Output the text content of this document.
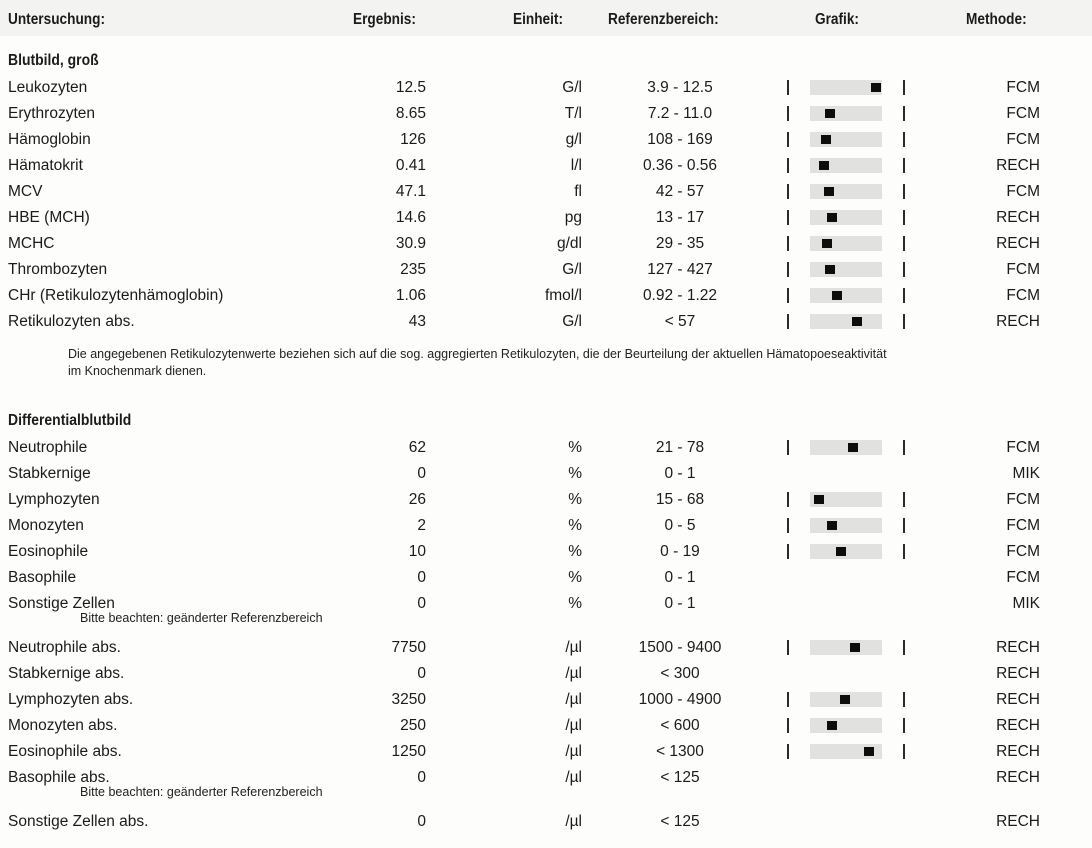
Untersuchung:	Ergebnis:	Einheit:	Referenzbereich:	Grafik:	Methode:
Blutbild, groß
Leukozyten	12.5	G/l	3.9 - 12.5	FCM
Erythrozyten	8.65	T/l	7.2 - 11.0	FCM
Hämoglobin	126	g/l	108 - 169	FCM
Hämatokrit	0.41	l/l	0.36 - 0.56	RECH
MCV	47.1	fl	42 - 57	FCM
HBE (MCH)	14.6	pg	13 - 17	RECH
MCHC	30.9	g/dl	29 - 35	RECH
Thrombozyten	235	G/l	127 - 427	FCM
CHr (Retikulozytenhämoglobin)	1.06	fmol/l	0.92 - 1.22	FCM
Retikulozyten abs.	43	G/l	< 57	RECH
Die angegebenen Retikulozytenwerte beziehen sich auf die sog. aggregierten Retikulozyten, die der Beurteilung der aktuellen Hämatopoeseaktivität im Knochenmark dienen.
Differentialblutbild
Neutrophile	62	%	21 - 78	FCM
Stabkernige	0	%	0 - 1	MIK
Lymphozyten	26	%	15 - 68	FCM
Monozyten	2	%	0 - 5	FCM
Eosinophile	10	%	0 - 19	FCM
Basophile	0	%	0 - 1	FCM
Sonstige Zellen	0	%	0 - 1	MIK
Bitte beachten: geänderter Referenzbereich
Neutrophile abs.	7750	/µl	1500 - 9400	RECH
Stabkernige abs.	0	/µl	< 300	RECH
Lymphozyten abs.	3250	/µl	1000 - 4900	RECH
Monozyten abs.	250	/µl	< 600	RECH
Eosinophile abs.	1250	/µl	< 1300	RECH
Basophile abs.	0	/µl	< 125	RECH
Bitte beachten: geänderter Referenzbereich
Sonstige Zellen abs.	0	/µl	< 125	RECH
